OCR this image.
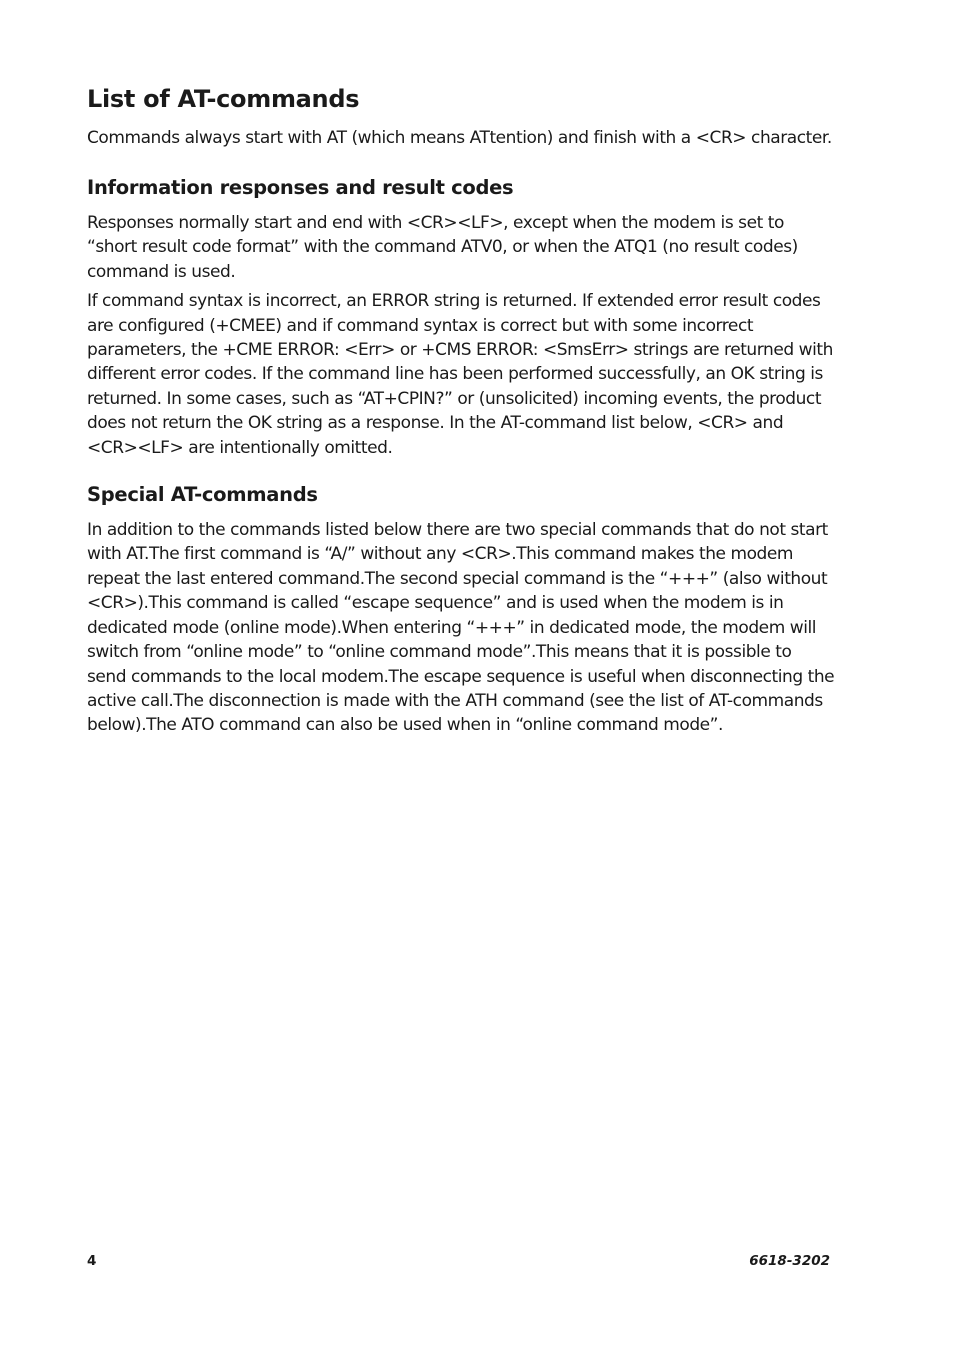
List of AT-commands

Commands always start with AT (which means ATtention) and finish with a <CR> character.

Information responses and result codes

Responses normally start and end with <CR><LF>, except when the modem is set to “short result code format” with the command ATV0, or when the ATQ1 (no result codes) command is used.

If command syntax is incorrect, an ERROR string is returned. If extended error result codes are configured (+CMEE) and if command syntax is correct but with some incorrect parameters, the +CME ERROR: <Err> or +CMS ERROR: <SmsErr> strings are returned with different error codes. If the command line has been performed successfully, an OK string is returned. In some cases, such as “AT+CPIN?” or (unsolicited) incoming events, the product does not return the OK string as a response. In the AT-command list below, <CR> and <CR><LF> are intentionally omitted.

Special AT-commands

In addition to the commands listed below there are two special commands that do not start with AT.The first command is “A/” without any <CR>.This command makes the modem repeat the last entered command.The second special command is the “+++” (also without <CR>).This command is called “escape sequence” and is used when the modem is in dedicated mode (online mode).When entering “+++” in dedicated mode, the modem will switch from “online mode” to “online command mode”.This means that it is possible to send commands to the local modem.The escape sequence is useful when disconnecting the active call.The disconnection is made with the ATH command (see the list of AT-commands below).The ATO command can also be used when in “online command mode”.

4	6618-3202
